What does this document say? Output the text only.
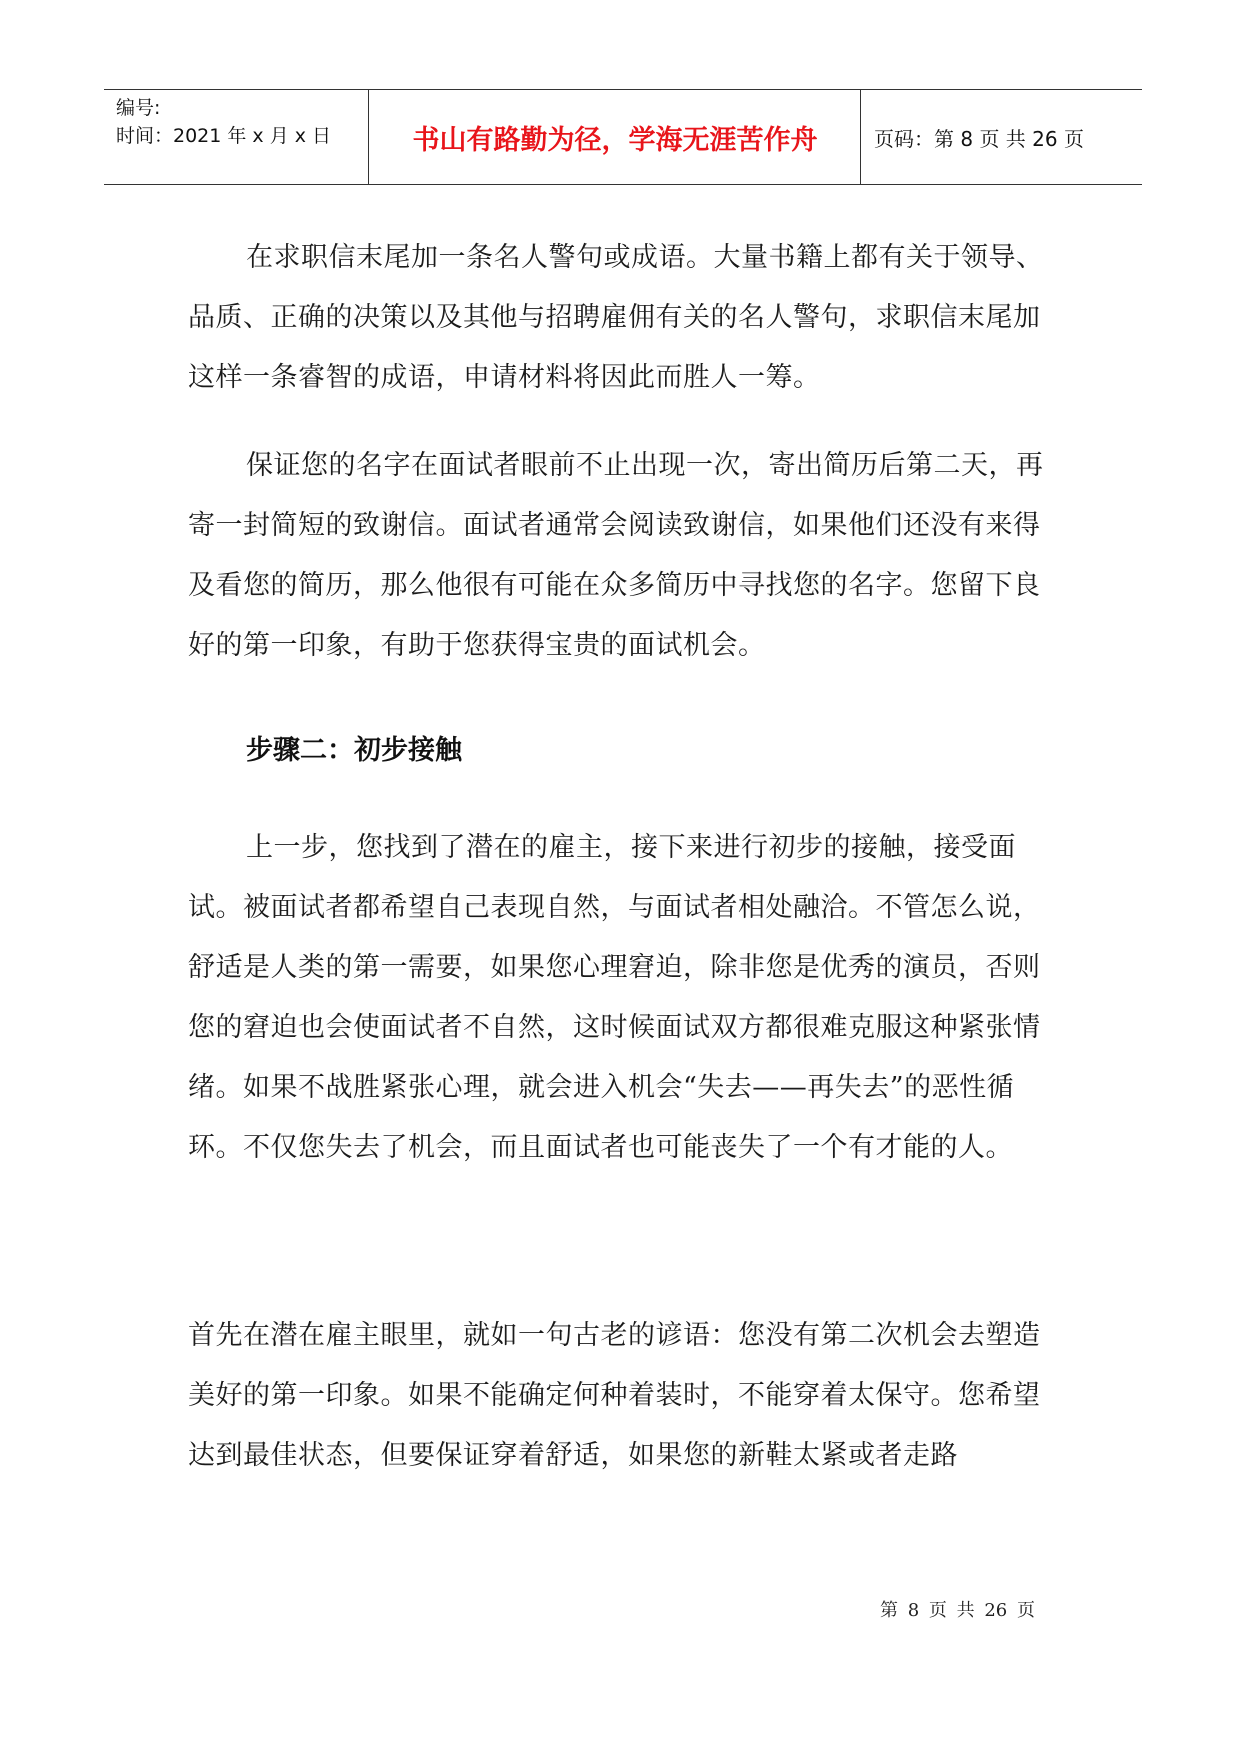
编号:
时间：2021 年 x 月 x 日	书山有路勤为径，学海无涯苦作舟	页码：第 8 页 共 26 页

在求职信末尾加一条名人警句或成语。大量书籍上都有关于领导、品质、正确的决策以及其他与招聘雇佣有关的名人警句，求职信末尾加这样一条睿智的成语，申请材料将因此而胜人一筹。

保证您的名字在面试者眼前不止出现一次，寄出简历后第二天，再寄一封简短的致谢信。面试者通常会阅读致谢信，如果他们还没有来得及看您的简历，那么他很有可能在众多简历中寻找您的名字。您留下良好的第一印象，有助于您获得宝贵的面试机会。

步骤二：初步接触

上一步，您找到了潜在的雇主，接下来进行初步的接触，接受面试。被面试者都希望自己表现自然，与面试者相处融洽。不管怎么说，舒适是人类的第一需要，如果您心理窘迫，除非您是优秀的演员，否则您的窘迫也会使面试者不自然，这时候面试双方都很难克服这种紧张情绪。如果不战胜紧张心理，就会进入机会“失去——再失去”的恶性循环。不仅您失去了机会，而且面试者也可能丧失了一个有才能的人。

首先在潜在雇主眼里，就如一句古老的谚语：您没有第二次机会去塑造美好的第一印象。如果不能确定何种着装时，不能穿着太保守。您希望达到最佳状态，但要保证穿着舒适，如果您的新鞋太紧或者走路

第 8 页 共 26 页
